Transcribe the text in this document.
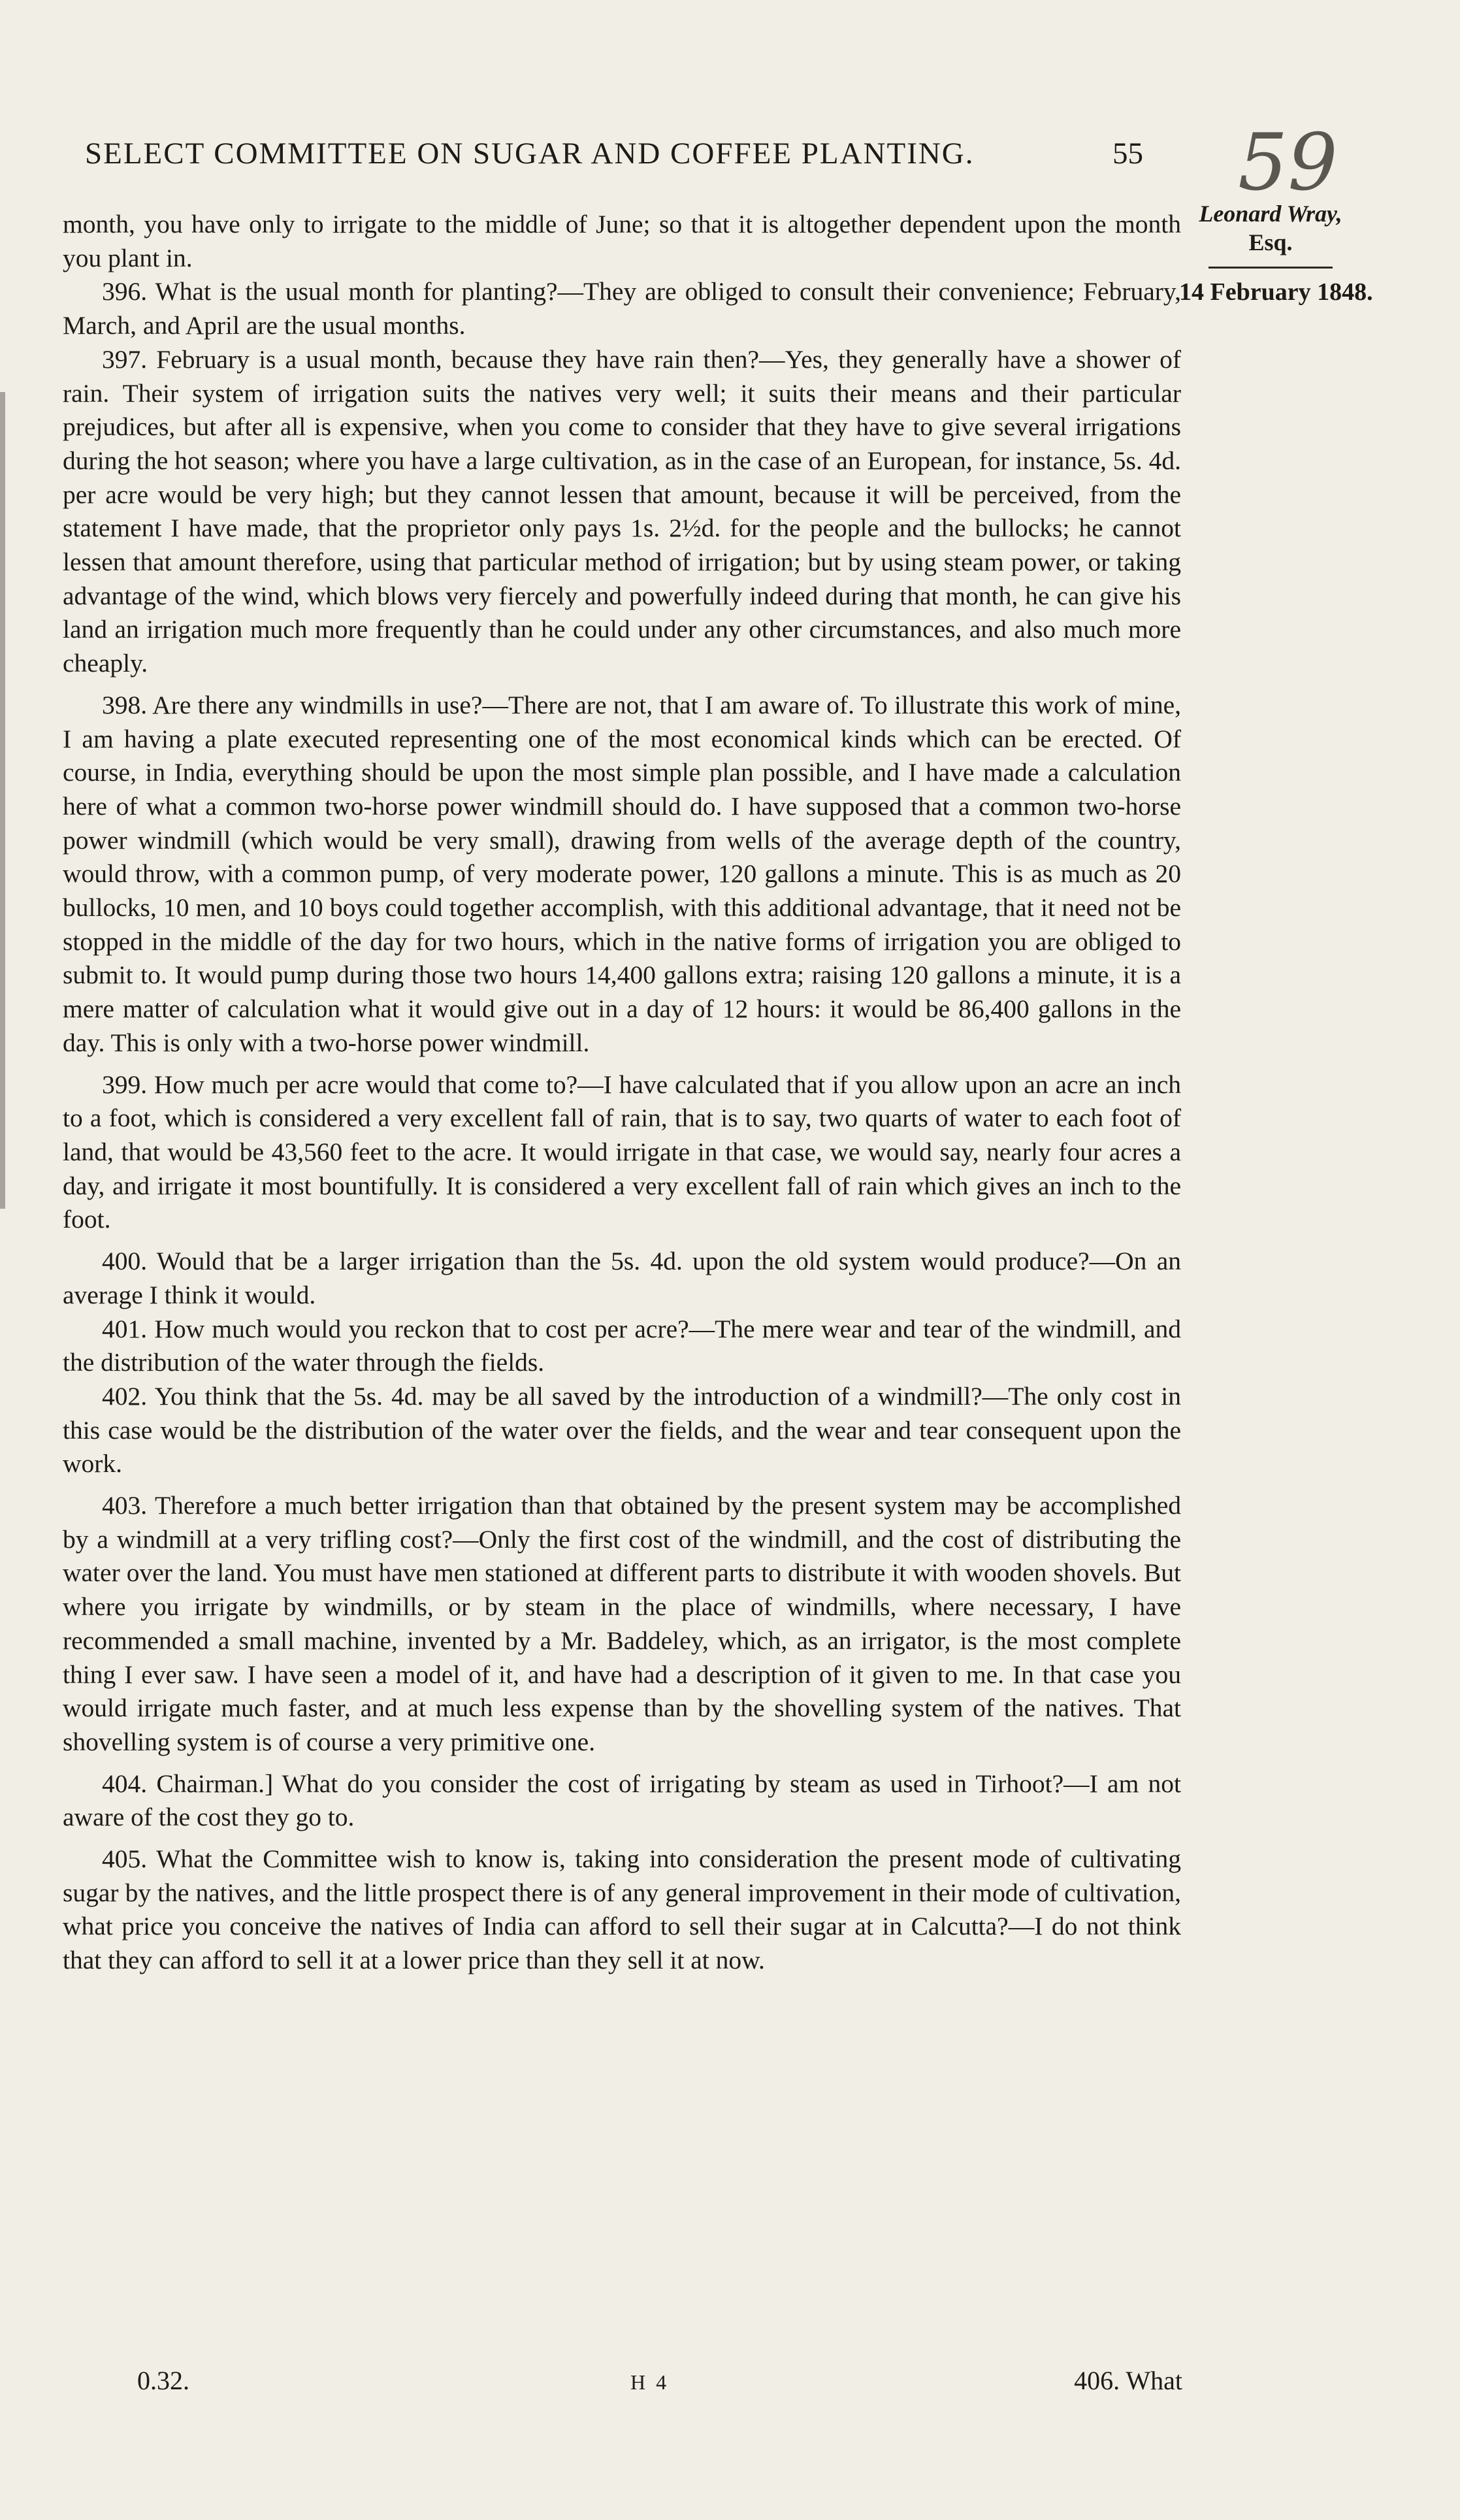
SELECT COMMITTEE ON SUGAR AND COFFEE PLANTING.	55 59
Leonard Wray,
Esq.
14 February 1848.

month, you have only to irrigate to the middle of June; so that it is altogether dependent upon the month you plant in.

396. What is the usual month for planting?—They are obliged to consult their convenience; February, March, and April are the usual months.

397. February is a usual month, because they have rain then?—Yes, they generally have a shower of rain. Their system of irrigation suits the natives very well; it suits their means and their particular prejudices, but after all is expensive, when you come to consider that they have to give several irrigations during the hot season; where you have a large cultivation, as in the case of an European, for instance, 5s. 4d. per acre would be very high; but they cannot lessen that amount, because it will be perceived, from the statement I have made, that the proprietor only pays 1s. 2½d. for the people and the bullocks; he cannot lessen that amount therefore, using that particular method of irrigation; but by using steam power, or taking advantage of the wind, which blows very fiercely and powerfully indeed during that month, he can give his land an irrigation much more frequently than he could under any other circumstances, and also much more cheaply.

398. Are there any windmills in use?—There are not, that I am aware of. To illustrate this work of mine, I am having a plate executed representing one of the most economical kinds which can be erected. Of course, in India, everything should be upon the most simple plan possible, and I have made a calculation here of what a common two-horse power windmill should do. I have supposed that a common two-horse power windmill (which would be very small), drawing from wells of the average depth of the country, would throw, with a common pump, of very moderate power, 120 gallons a minute. This is as much as 20 bullocks, 10 men, and 10 boys could together accomplish, with this additional advantage, that it need not be stopped in the middle of the day for two hours, which in the native forms of irrigation you are obliged to submit to. It would pump during those two hours 14,400 gallons extra; raising 120 gallons a minute, it is a mere matter of calculation what it would give out in a day of 12 hours: it would be 86,400 gallons in the day. This is only with a two-horse power windmill.

399. How much per acre would that come to?—I have calculated that if you allow upon an acre an inch to a foot, which is considered a very excellent fall of rain, that is to say, two quarts of water to each foot of land, that would be 43,560 feet to the acre. It would irrigate in that case, we would say, nearly four acres a day, and irrigate it most bountifully. It is considered a very excellent fall of rain which gives an inch to the foot.

400. Would that be a larger irrigation than the 5s. 4d. upon the old system would produce?—On an average I think it would.

401. How much would you reckon that to cost per acre?—The mere wear and tear of the windmill, and the distribution of the water through the fields.

402. You think that the 5s. 4d. may be all saved by the introduction of a windmill?—The only cost in this case would be the distribution of the water over the fields, and the wear and tear consequent upon the work.

403. Therefore a much better irrigation than that obtained by the present system may be accomplished by a windmill at a very trifling cost?—Only the first cost of the windmill, and the cost of distributing the water over the land. You must have men stationed at different parts to distribute it with wooden shovels. But where you irrigate by windmills, or by steam in the place of windmills, where necessary, I have recommended a small machine, invented by a Mr. Baddeley, which, as an irrigator, is the most complete thing I ever saw. I have seen a model of it, and have had a description of it given to me. In that case you would irrigate much faster, and at much less expense than by the shovelling system of the natives. That shovelling system is of course a very primitive one.

404. Chairman.] What do you consider the cost of irrigating by steam as used in Tirhoot?—I am not aware of the cost they go to.

405. What the Committee wish to know is, taking into consideration the present mode of cultivating sugar by the natives, and the little prospect there is of any general improvement in their mode of cultivation, what price you conceive the natives of India can afford to sell their sugar at in Calcutta?—I do not think that they can afford to sell it at a lower price than they sell it at now.

0.32.	H 4	406. What
